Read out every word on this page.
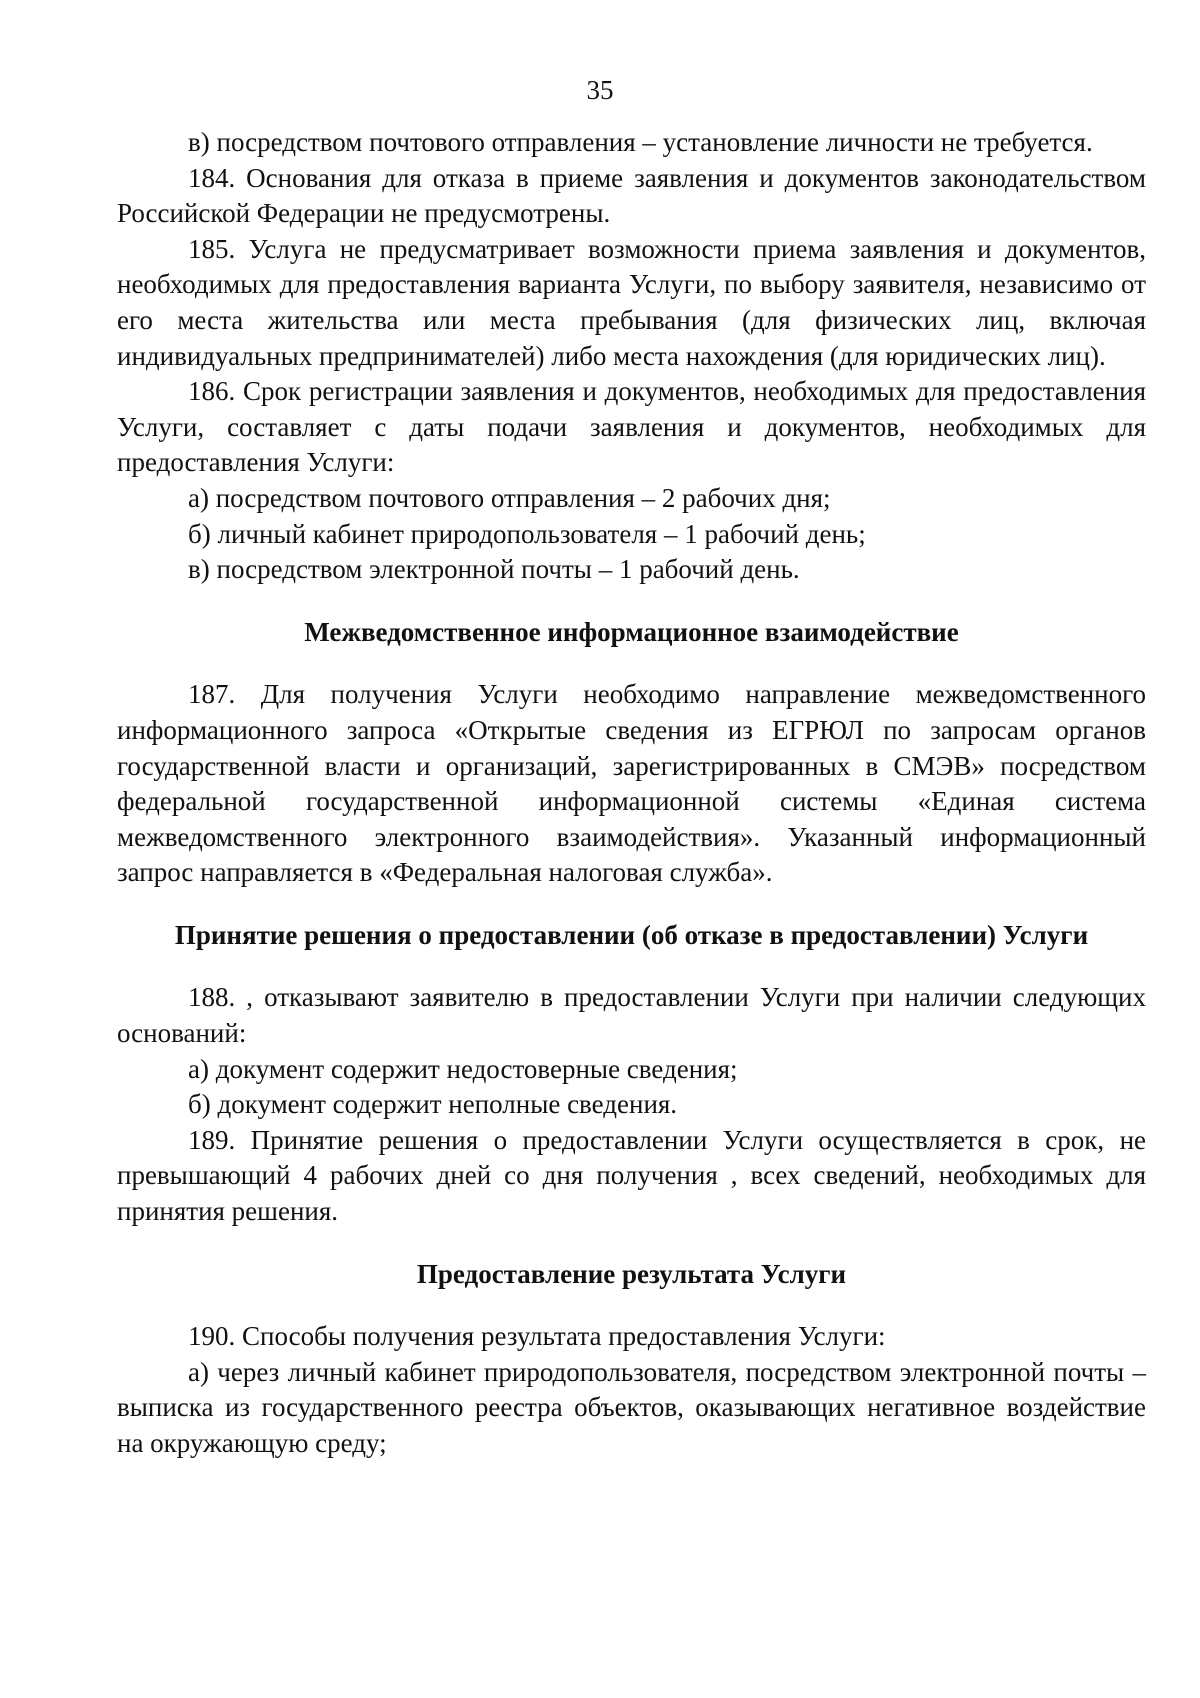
35

в) посредством почтового отправления – установление личности не требуется.

184. Основания для отказа в приеме заявления и документов законодательством Российской Федерации не предусмотрены.

185. Услуга не предусматривает возможности приема заявления и документов, необходимых для предоставления варианта Услуги, по выбору заявителя, независимо от его места жительства или места пребывания (для физических лиц, включая индивидуальных предпринимателей) либо места нахождения (для юридических лиц).

186. Срок регистрации заявления и документов, необходимых для предоставления Услуги, составляет с даты подачи заявления и документов, необходимых для предоставления Услуги:

а) посредством почтового отправления – 2 рабочих дня;

б) личный кабинет природопользователя – 1 рабочий день;

в) посредством электронной почты – 1 рабочий день.

Межведомственное информационное взаимодействие

187. Для получения Услуги необходимо направление межведомственного информационного запроса «Открытые сведения из ЕГРЮЛ по запросам органов государственной власти и организаций, зарегистрированных в СМЭВ» посредством федеральной государственной информационной системы «Единая система межведомственного электронного взаимодействия». Указанный информационный запрос направляется в «Федеральная налоговая служба».

Принятие решения о предоставлении (об отказе в предоставлении) Услуги

188. , отказывают заявителю в предоставлении Услуги при наличии следующих оснований:

а) документ содержит недостоверные сведения;

б) документ содержит неполные сведения.

189. Принятие решения о предоставлении Услуги осуществляется в срок, не превышающий 4 рабочих дней со дня получения , всех сведений, необходимых для принятия решения.

Предоставление результата Услуги

190. Способы получения результата предоставления Услуги:

а) через личный кабинет природопользователя, посредством электронной почты – выписка из государственного реестра объектов, оказывающих негативное воздействие на окружающую среду;
